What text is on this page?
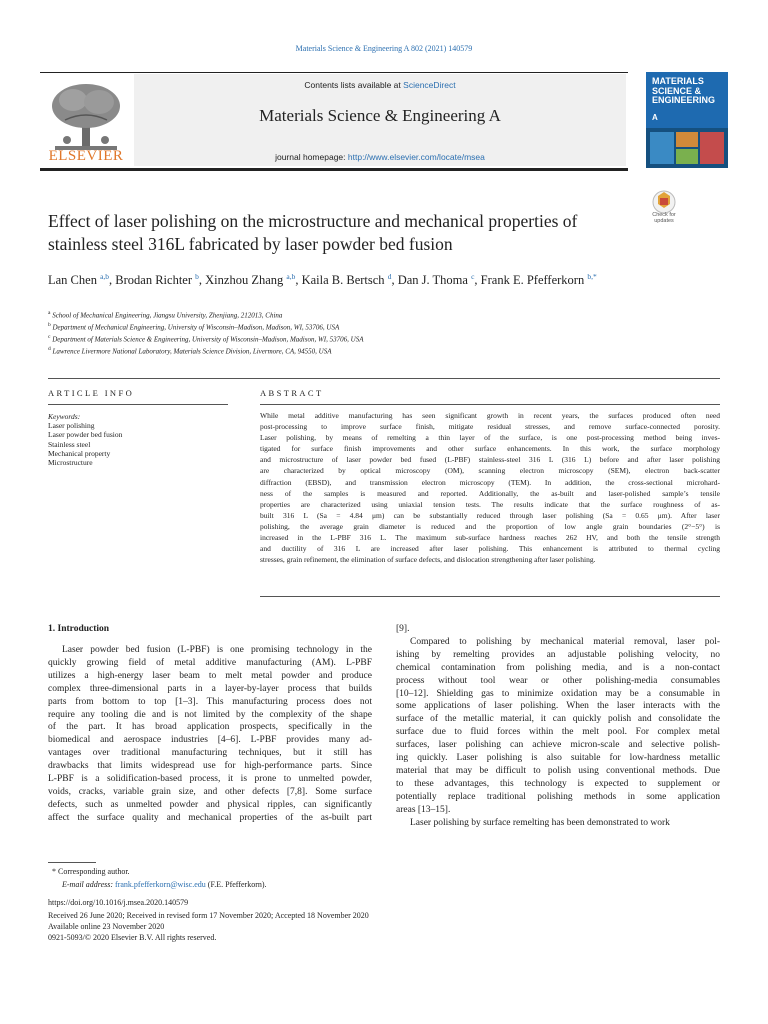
Materials Science & Engineering A 802 (2021) 140579
ELSEVIER
Contents lists available at ScienceDirect
Materials Science & Engineering A
journal homepage: http://www.elsevier.com/locate/msea
MATERIALS
SCIENCE &
ENGINEERING
A
Check for
updates
Effect of laser polishing on the microstructure and mechanical properties of
stainless steel 316L fabricated by laser powder bed fusion
Lan Chen $^{a,b}$, Brodan Richter $^b$, Xinzhou Zhang $^{a,b}$, Kaila B. Bertsch $^d$, Dan J. Thoma $^c$, Frank E. Pfefferkorn $^{b,*}$
$^a$ School of Mechanical Engineering, Jiangsu University, Zhenjiang, 212013, China
$^b$ Department of Mechanical Engineering, University of Wisconsin–Madison, Madison, WI, 53706, USA
$^c$ Department of Materials Science & Engineering, University of Wisconsin–Madison, Madison, WI, 53706, USA
$^d$ Lawrence Livermore National Laboratory, Materials Science Division, Livermore, CA, 94550, USA
ARTICLE INFO	ABSTRACT
Keywords:
Laser polishing
Laser powder bed fusion
Stainless steel
Mechanical property
Microstructure
While metal additive manufacturing has seen significant growth in recent years, the surfaces produced often need
post-processing to improve surface finish, mitigate residual stresses, and remove surface-connected porosity.
Laser polishing, by means of remelting a thin layer of the surface, is one post-processing method being inves-
tigated for surface finish improvements and other surface enhancements. In this work, the surface morphology
and microstructure of laser powder bed fused (L-PBF) stainless-steel 316 L (316 L) before and after laser polishing
are characterized by optical microscopy (OM), scanning electron microscopy (SEM), electron back-scatter
diffraction (EBSD), and transmission electron microscopy (TEM). In addition, the cross-sectional microhard-
ness of the samples is measured and reported. Additionally, the as-built and laser-polished sample’s tensile
properties are characterized using uniaxial tension tests. The results indicate that the surface roughness of as-
built 316 L (Sa = 4.84 μm) can be substantially reduced through laser polishing (Sa = 0.65 μm). After laser
polishing, the average grain diameter is reduced and the proportion of low angle grain boundaries (2°−5°) is
increased in the L-PBF 316 L. The maximum sub-surface hardness reaches 262 HV, and both the tensile strength
and ductility of 316 L are increased after laser polishing. This enhancement is attributed to thermal cycling
stresses, grain refinement, the elimination of surface defects, and dislocation strengthening after laser polishing.
1. Introduction
Laser powder bed fusion (L-PBF) is one promising technology in the
quickly growing field of metal additive manufacturing (AM). L-PBF
utilizes a high-energy laser beam to melt metal powder and produce
complex three-dimensional parts in a layer-by-layer process that builds
parts from bottom to top [1–3]. This manufacturing process does not
require any tooling die and is not limited by the complexity of the shape
of the part. It has broad application prospects, specifically in the
biomedical and aerospace industries [4–6]. L-PBF provides many ad-
vantages over traditional manufacturing techniques, but it still has
drawbacks that limits widespread use for high-performance parts. Since
L-PBF is a solidification-based process, it is prone to unmelted powder,
voids, cracks, variable grain size, and other defects [7,8]. Some surface
defects, such as unmelted powder and physical ripples, can significantly
affect the surface quality and mechanical properties of the as-built part
[9].
Compared to polishing by mechanical material removal, laser pol-
ishing by remelting provides an adjustable polishing velocity, no
chemical contamination from polishing media, and is a non-contact
process without tool wear or other polishing-media consumables
[10–12]. Shielding gas to minimize oxidation may be a consumable in
some applications of laser polishing. When the laser interacts with the
surface of the metallic material, it can quickly polish and consolidate the
surface due to fluid forces within the melt pool. For complex metal
surfaces, laser polishing can achieve micron-scale and selective polish-
ing quickly. Laser polishing is also suitable for low-hardness metallic
material that may be difficult to polish using conventional methods. Due
to these advantages, this technology is expected to supplement or
potentially replace traditional polishing methods in some application
areas [13–15].
Laser polishing by surface remelting has been demonstrated to work
* Corresponding author.
E-mail address: frank.pfefferkorn@wisc.edu (F.E. Pfefferkorn).
https://doi.org/10.1016/j.msea.2020.140579
Received 26 June 2020; Received in revised form 17 November 2020; Accepted 18 November 2020
Available online 23 November 2020
0921-5093/© 2020 Elsevier B.V. All rights reserved.
